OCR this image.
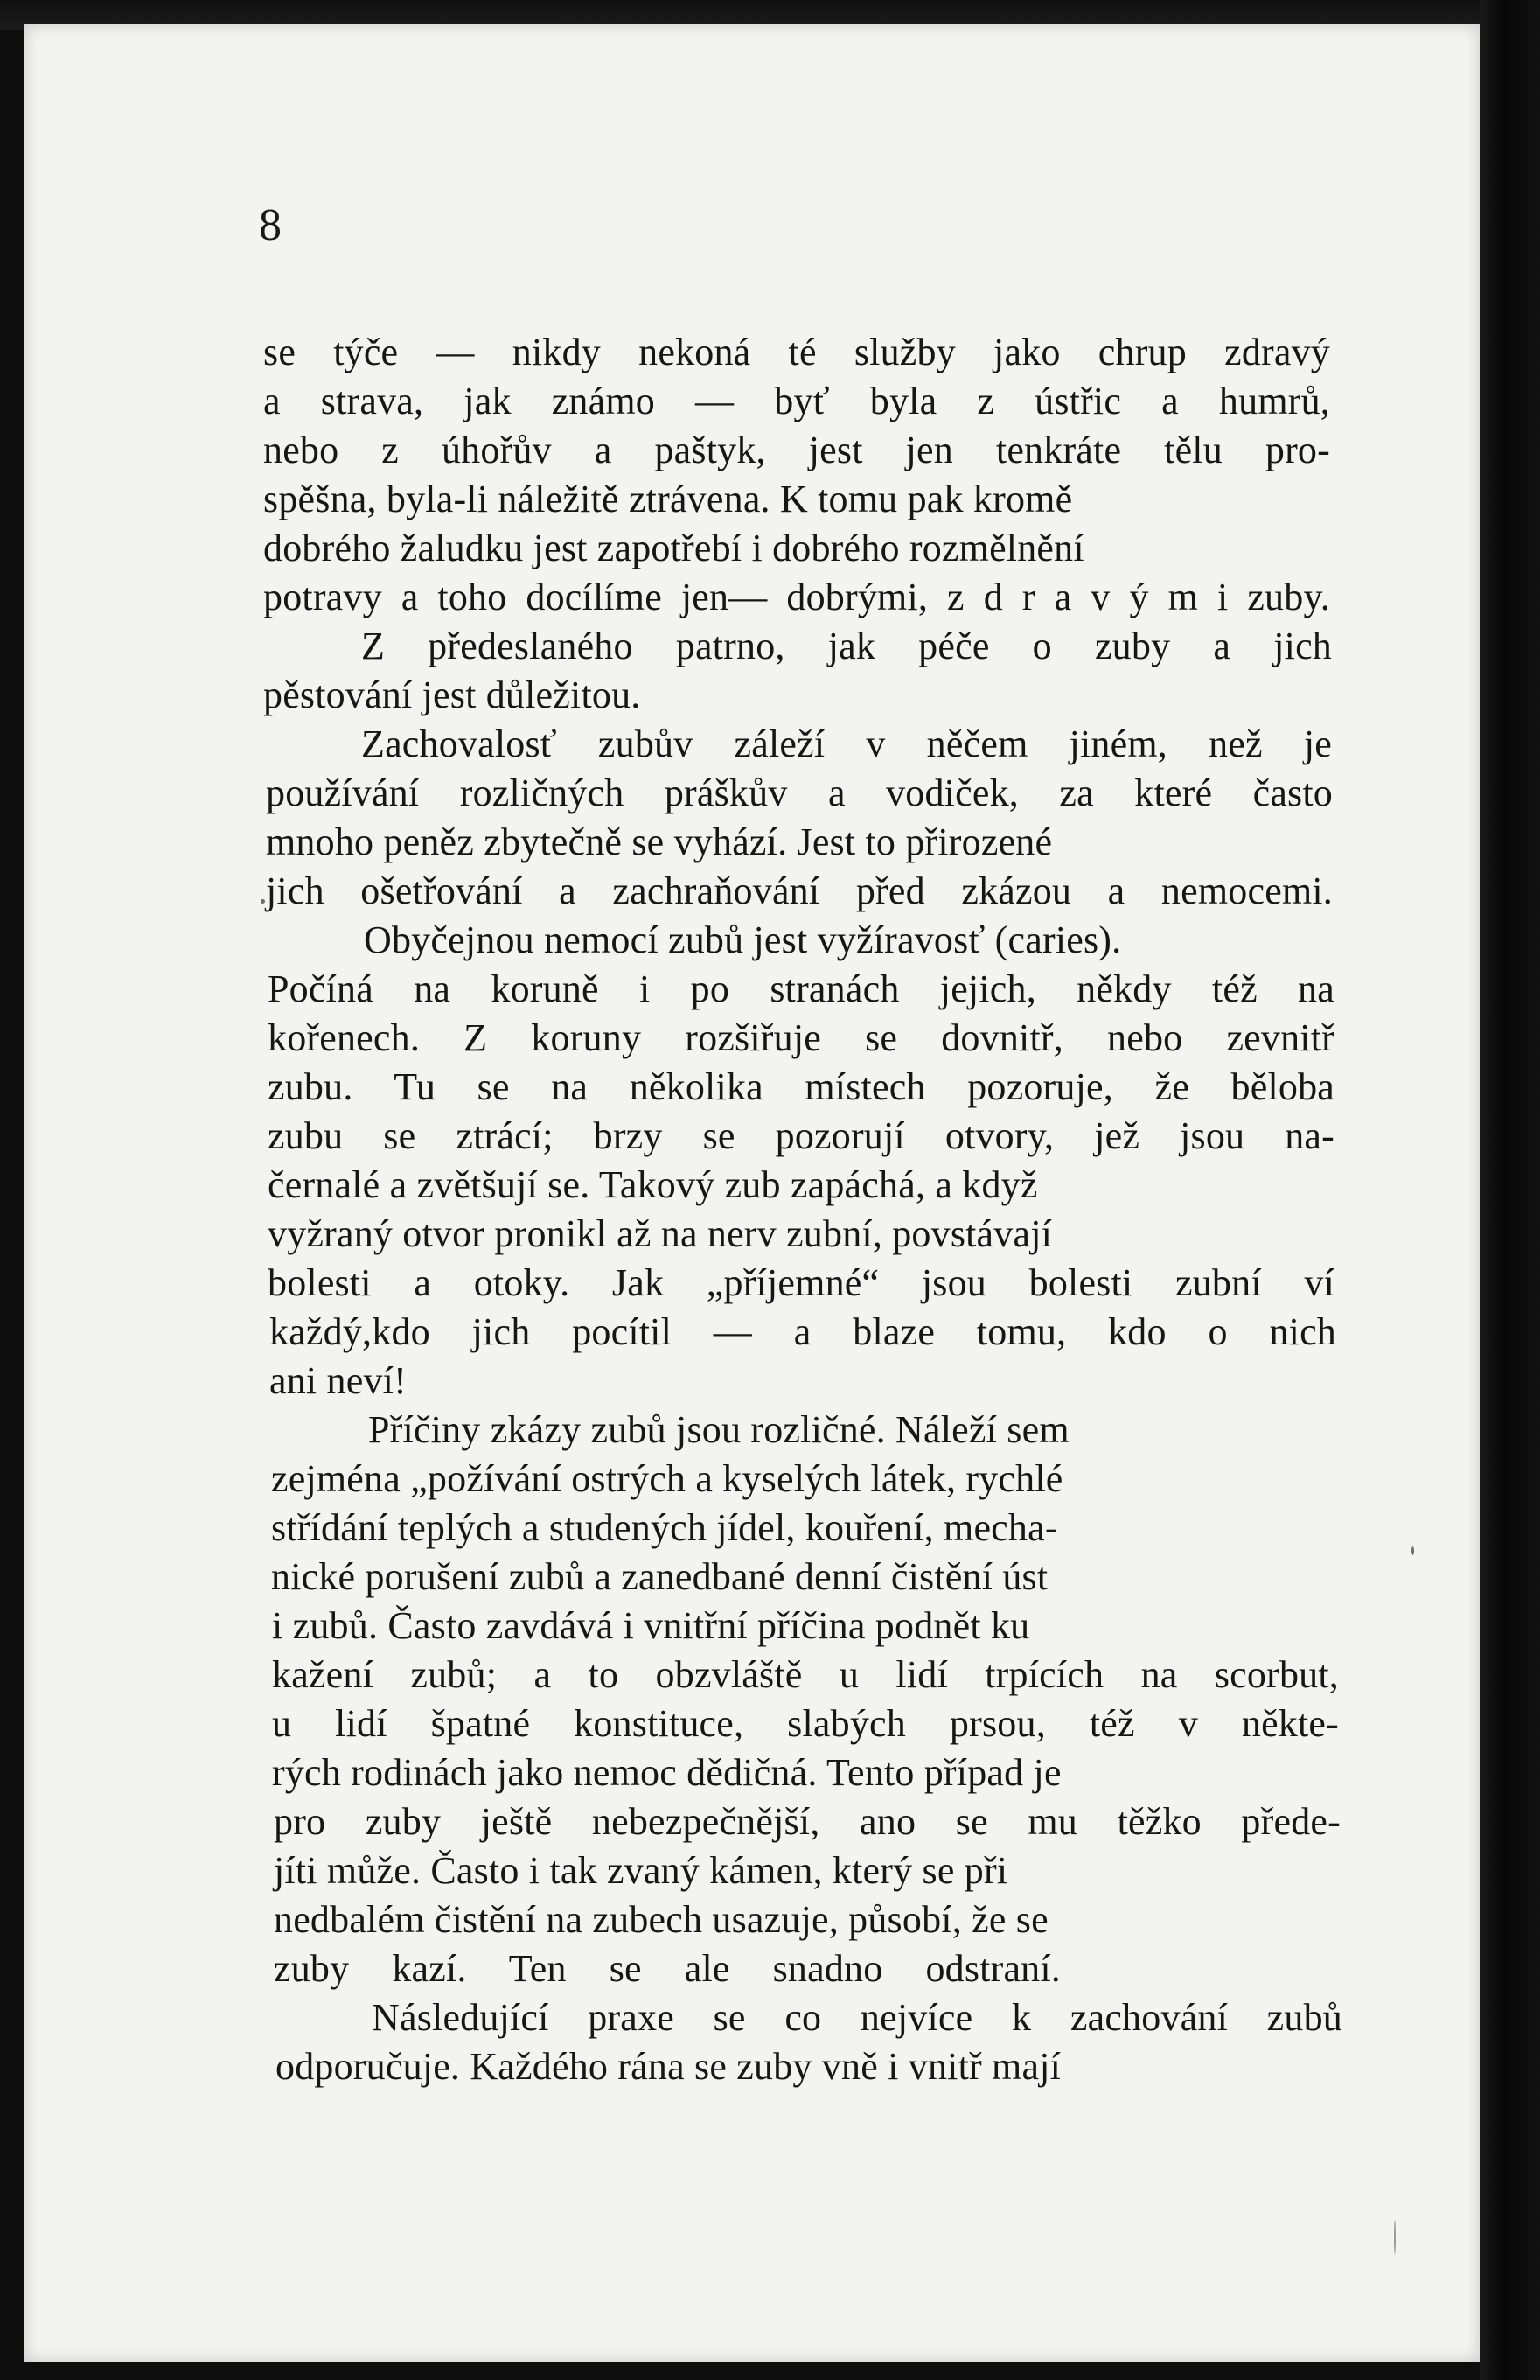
8
se týče — nikdy nekoná té služby jako chrup zdravý
a strava, jak známo — byť byla z ústřic a humrů,
nebo z úhořův a paštyk, jest jen tenkráte tělu pro-
spěšna, byla-li náležitě ztrávena. K tomu pak kromě
dobrého žaludku jest zapotřebí i dobrého rozmělnění
potravy a toho docílíme jen— dobrými, z d r a v ý m i zuby.
Z předeslaného patrno, jak péče o zuby a jich
pěstování jest důležitou.
Zachovalosť zubův záleží v něčem jiném, než je
používání rozličných práškův a vodiček, za které často
mnoho peněz zbytečně se vyhází. Jest to přirozené
jich ošetřování a zachraňování před zkázou a nemocemi.
Obyčejnou nemocí zubů jest vyžíravosť (caries).
Počíná na koruně i po stranách jejich, někdy též na
kořenech. Z koruny rozšiřuje se dovnitř, nebo zevnitř
zubu. Tu se na několika místech pozoruje, že běloba
zubu se ztrácí; brzy se pozorují otvory, jež jsou na-
černalé a zvětšují se. Takový zub zapáchá, a když
vyžraný otvor pronikl až na nerv zubní, povstávají
bolesti a otoky. Jak „příjemné“ jsou bolesti zubní ví
každý,kdo jich pocítil — a blaze tomu, kdo o nich
ani neví!
Příčiny zkázy zubů jsou rozličné. Náleží sem
zejména „požívání ostrých a kyselých látek, rychlé
střídání teplých a studených jídel, kouření, mecha-
nické porušení zubů a zanedbané denní čistění úst
i zubů. Často zavdává i vnitřní příčina podnět ku
kažení zubů; a to obzvláště u lidí trpících na scorbut,
u lidí špatné konstituce, slabých prsou, též v někte-
rých rodinách jako nemoc dědičná. Tento případ je
pro zuby ještě nebezpečnější, ano se mu těžko přede-
jíti může. Často i tak zvaný kámen, který se při
nedbalém čistění na zubech usazuje, působí, že se
zuby kazí. Ten se ale snadno odstraní.
Následující praxe se co nejvíce k zachování zubů
odporučuje. Každého rána se zuby vně i vnitř mají
